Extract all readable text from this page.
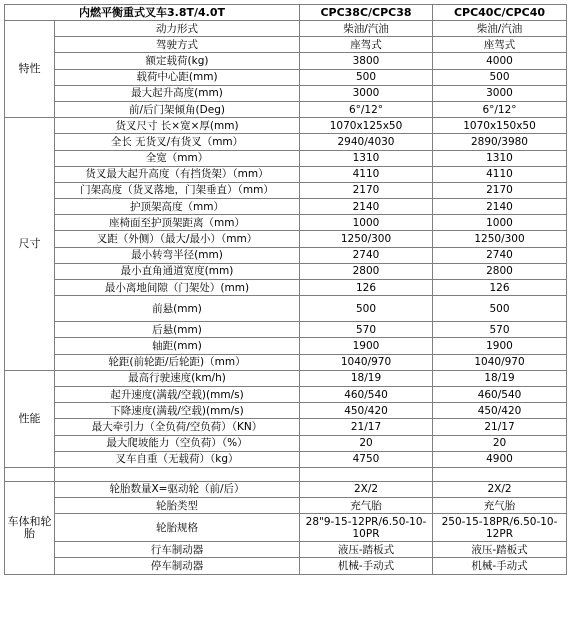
内燃平衡重式叉车3.8T/4.0T		CPC38C/CPC38	CPC40C/CPC40
特性	动力形式	柴油/汽油	柴油/汽油
	驾驶方式	座驾式	座驾式
	额定载荷(kg)	3800	4000
	载荷中心距(mm)	500	500
	最大起升高度(mm)	3000	3000
	前/后门架倾角(Deg)	6°/12°	6°/12°
尺寸	货叉尺寸 长×宽×厚(mm)	1070x125x50	1070x150x50
	全长 无货叉/有货叉（mm）	2940/4030	2890/3980
	全宽（mm）	1310	1310
	货叉最大起升高度（有挡货架）（mm）	4110	4110
	门架高度（货叉落地，门架垂直）（mm）	2170	2170
	护顶架高度（mm）	2140	2140
	座椅面至护顶架距离（mm）	1000	1000
	叉距（外侧）（最大/最小）（mm）	1250/300	1250/300
	最小转弯半径(mm)	2740	2740
	最小直角通道宽度(mm)	2800	2800
	最小离地间隙（门架处）(mm)	126	126
	前悬(mm)	500	500
	后悬(mm)	570	570
	轴距(mm)	1900	1900
	轮距(前轮距/后轮距)（mm）	1040/970	1040/970
性能	最高行驶速度(km/h)	18/19	18/19
	起升速度(满载/空载)(mm/s)	460/540	460/540
	下降速度(满载/空载)(mm/s)	450/420	450/420
	最大牵引力（全负荷/空负荷）（KN）	21/17	21/17
	最大爬坡能力（空负荷）（%）	20	20
	叉车自重（无载荷）（kg）	4750	4900

车体和轮胎	轮胎数量X=驱动轮（前/后）	2X/2	2X/2
	轮胎类型	充气胎	充气胎
	轮胎规格	28"9-15-12PR/6.50-10-10PR	250-15-18PR/6.50-10-12PR
	行车制动器	液压-踏板式	液压-踏板式
	停车制动器	机械-手动式	机械-手动式
